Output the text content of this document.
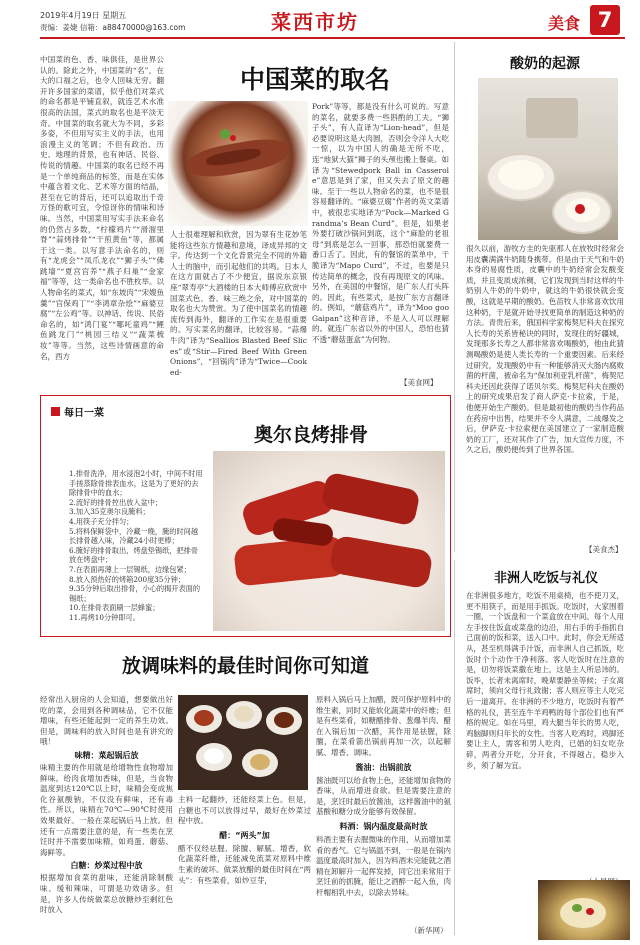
2019年4月19日 星期五
责编：姜婕 信箱：a88470000@163.com	菜西市坊	美食 7
中国菜的色、香、味俱佳，是世界公认的。除此之外，中国菜的“名”，在大的口福之后，也令人回味无穷。翻开许多国家的菜谱，似乎他们对菜式的命名都是平铺直叙，就连艺术水准很高的法国，菜式的取名也是平淡无奇。中国菜的取名就大为不同，多彩多姿，不但用写实主义的手法，也用浪漫主义的笔调；不但有政治、历史、地理的背景，也有神话、民俗、传说的情趣。中国菜的取名已经不再是一个单纯商品的标签，而是在实体中蕴含着文化、艺术等方面的结晶，甚至在它的背后，还可以追取出千奇万怪的歌可宜，令惊讶你的情味和诗味。当然，中国菜用写实手法来命名的仍然占多数，“柠檬鸡片”“滑溜里脊”“蒜烤排骨”“干煎黄鱼”等，都属于这一类。以写意手法命名的，则有“龙虎会”“凤爪龙衣”“狮子头”“佛跳墙”“夏宫宫养”“燕子归巢”“金家福”等等，这一类命名也不胜枚举。以人物命名的菜式，如“东坡肉”“宋嫂鱼羹”“宫保鸡丁”“李鸿章杂烩”“麻婆豆腐”“左公鸡”等。以神话、传说、民俗命名的，如“鸿门宴”“哪吒童鸡”“鲤鱼跳龙门”“桃园三结义”“蔬菜梳妆”等等。当然，这些诗情画意的命名，西方
中国菜的取名
人士很难理解和欣赏，因为翠有生花妙笔能将这些东方情趣和意境，译成异邦的文字。传达到一个文化背景完全不同的外籍人士的脑中，而引起他们的共鸣。日本人在这方面就占了不少便宜，据说东京银座“翠寿亭”大酒楼的日本大师傅应欣赏中国菜式色、香、味三绝之余，对中国菜的取名也大为赞赏。为了使中国菜名的情趣流传到海外，翻译的工作实在是很重要的。写实菜名的翻译，比较容易。“蒜爆牛肉”译为“Seallios Blasted Beef Slices”或“Stir—Fired Beef With Green Onions”，“回锅肉”译为“Twice—Cooked-
Pork”等等，都是没有什么可说的。写意的菜名，就要多费一些斟酌的工夫。“狮子头”，有人直译为“Lion-head”，但是必要说明这是大肉圆，否则会令洋人大吃一惊，以为中国人的确是无所不吃，连“地狱大猫”狮子的头颅也搬上餐桌。如译为“Stewedpork Ball in Casserole”意思是到了家，但又失去了原文的趣味。至于一些以人物命名的菜，也不是很容易翻译的。“麻婆豆腐”作者的英文菜谱中，被很忠实地译为“Pock—Marked Grandma’s Bean Curd”。但是，如果老外要打破沙锅问到底，这个“麻脸的老祖母”到底是怎么一回事，那恐怕就要费一番口舌了。因此，有的餐馆的菜单中，干脆译为“Mapo Curd”，不过，也要是只传达简单的概念，没有再现原文的风味。另外，在美国的中餐馆，是广东人打头阵的。因此，有些菜式，是按广东方言翻译的。例如，“蘑菇鸡片”，译为“Moo goo Gaipan”这种音译，不是入人可以理解的。就连广东省以外的中国人，恐怕也猜不透“蘑菇蛋盒”为何物。
【美食网】
酸奶的起源
很久以前，游牧方圭的先驱那人在放牧时经常会用皮囊满满牛奶随身携带。但是由于天气和牛奶本身的易腐性质，皮囊中的牛奶经常会发酸变质，并且变质成浓稠，它们发现到当时这样的牛奶别人牛奶的牛奶中，就这的牛奶很快就会变酸，这就是早期的酸奶。色苗牧人非常喜欢饮用这种奶，于是就开始寻找更简单的制造这种奶的方法。青贵后来，俄国科学家梅契尼科夫在探究人长寿的关系皆秘诀的同时，发现住的好疆城，发现那多长寿之人都非常喜欢喝酸奶，他由此猜测喝酸奶是使人类长寿的一个重要因素。后来经过研究，发现酸奶中有一种能够消灭大肠内腐败菌的杆菌，被命名为“保加利亚乳杆菌”，梅契尼科夫还因此获得了诺贝尔奖。梅契尼科夫在酸奶上的研究成果启发了商人萨克·卡拉索，于是，他便开始生产酸奶。但是最初他的酸奶当作药品在药房中出售，结果并不令人满意，二战爆发之后，伊萨克·卡拉索便在美国建立了一家制造酸奶的工厂，还对其作了广告，加大宣传力度，不久之后，酸奶便传到了世界各国。
【美食杰】
每日一菜
奥尔良烤排骨

1.排骨洗净，用水浸泡2小时，中间不时用手搓蒸除骨排表血水，这是为了更好的去除排骨中的血水；

2.流好的排骨控出放入盆中；

3.加入35克奥尔良腌料；

4.用筷子充分拌匀；

5.将料保鲜袋中，冷藏一晚，腌的时间越长排骨越入味，冷藏24小时更棒；

6.腌好的排骨取出，烤盘垫锡纸，把排骨放在烤盘中；

7.在表面再薄上一层锡纸，边缘包紧；

8.放入预热好的烤箱200度35分钟；

9.35分钟后取出排骨，小心的揭开表面的锡纸；

10.在排骨表面刷一层蜂蜜；

11.再烤10分钟即可。

放调味料的最佳时间你可知道
经常出入厨房的人会知道，想要做出好吃的菜，会用到各种调味品，它不仅能增味，有些还能起到一定的养生功效。但是，调味料的放入时间也是有讲究的哦！
味精：菜起锅后放
味精主要的作用就是给增物性食物增加鲜味。给肉食增加香味，但是，当食物温度到达120℃以上时，味精会变成焦化谷氨酸钠，不仅没有鲜味，还有毒性。所以，味精在70℃—90℃时使用效果最好。一般在菜起锅后马上放。但还有一点需要注意的是，有一些类在烹饪时并不需要加味精，如鸡蛋、蘑菇、海鲜等。
白糖：炒菜过程中放
根据增加食菜的甜味，还能消除制酸味、缓和辣味，可谓是功效诸多。但是，许多人传统做菜总放糖炒至剩红色时放入
主料一起翻炒，还能经菜上色。但是，白糖也不可以放得过早，最好在炒菜过程中放。
醋：“两头”加
醋不仅经祛腥、除膻、解腻、增香，软化蔬菜纤维，还能减免流菜对原料中维生素的破坏。做菜放醋的最佳时间在“两头”：有些菜肴，如炒豆芽，
原料入锅后马上加醋，既可保护原料中的维生素，同时又能软化蔬菜中的纤维；但是有些菜肴，如糖醋排骨、葱爆羊肉、醋在入锅后加一次醋，其作用是祛腥，除膻，在菜肴箭出锅前再加一次，以起解腻、增香、调味。
酱油：出锅前放
酱油既可以给食物上色，还能增加食物的香味，从而增进食欲。但是需要注意的是，烹饪时最后放酱油，这样酱油中的氨基酸和糖分成分能够有效保留。
料酒：锅内温度最高时放
料酒主要有去腥微味的作用，从而增加菜肴的香气。它与锅温不到，一般是在锅内温度最高时加入，因为料酒未完能就之酒精在卸解升一起挥发掉，同它出来常用于烹饪前的抓腌，能让之酒醉一起入鱼，肉杆帽相乳中去，以除去异味。
（新华网）
非洲人吃饭与礼仪
在非洲很多地方，吃饭不用桌椅，也不使刀叉，更不用筷子，而是用手抓饭。吃饭时，大家围着一圈，一个饭盘和一个菜盒放在中间。每个人用左手按住饭盒或菜盘的边沿，用右手的手指抓自己面前的饭和菜，送入口中。此时，你会无所适从，甚至机得满手汁饭，而非洲人自己抓饭，吃饭时个个动作干净利落。客人吃饭时在注意的是，切勿将饭菜撒在地上，这是主人所忌讳的。饭毕，长者未离席时，晚辈要静坐等候；子女离席时，须向父母行礼致谢；客人则应等主人吃完后一道离开。在非洲的不少地方，吃饭时有着严格的礼仪，甚至连牛羊鸡鸭的每个部位们也有严格的规定。如在马里，鸡大腿当年长的男人吃，鸡脑脚则归年长的女性。当客人吃鸡时，鸡脚还要让主人，需客和男人吃肉，已婚的妇女吃杂碎，两者分开吃，分开食，不得越占，稳步入乡，须了解为宜。
